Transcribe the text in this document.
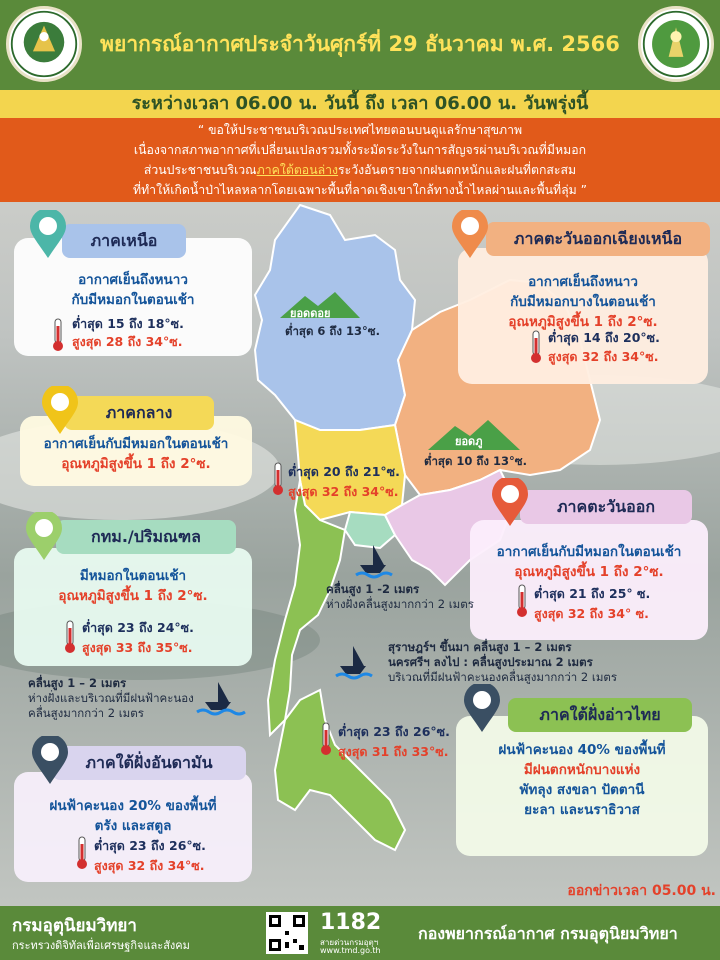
พยากรณ์อากาศประจำวันศุกร์ที่ 29 ธันวาคม พ.ศ. 2566
ระหว่างเวลา 06.00 น. วันนี้ ถึง เวลา 06.00 น. วันพรุ่งนี้
“ ขอให้ประชาชนบริเวณประเทศไทยตอนบนดูแลรักษาสุขภาพ
เนื่องจากสภาพอากาศที่เปลี่ยนแปลงรวมทั้งระมัดระวังในการสัญจรผ่านบริเวณที่มีหมอก
ส่วนประชาชนบริเวณภาคใต้ตอนล่างระวังอันตรายจากฝนตกหนักและฝนที่ตกสะสม
ที่ทำให้เกิดน้ำป่าไหลหลากโดยเฉพาะพื้นที่ลาดเชิงเขาใกล้ทางน้ำไหลผ่านและพื้นที่ลุ่ม ”
ยอดดอย
ต่ำสุด 6 ถึง 13°ซ.
ยอดภู
ต่ำสุด 10 ถึง 13°ซ.
อากาศเย็นถึงหนาว
กับมีหมอกในตอนเช้า
ภาคเหนือ
ต่ำสุด 15 ถึง 18°ซ.
สูงสุด 28 ถึง 34°ซ.
อากาศเย็นถึงหนาว
กับมีหมอกบางในตอนเช้า
อุณหภูมิสูงขึ้น 1 ถึง 2°ซ.
ภาคตะวันออกเฉียงเหนือ
ต่ำสุด 14 ถึง 20°ซ.
สูงสุด 32 ถึง 34°ซ.
อากาศเย็นกับมีหมอกในตอนเช้า
อุณหภูมิสูงขึ้น 1 ถึง 2°ซ.
ภาคกลาง
ต่ำสุด 20 ถึง 21°ซ.
สูงสุด 32 ถึง 34°ซ.
อากาศเย็นกับมีหมอกในตอนเช้า
อุณหภูมิสูงขึ้น 1 ถึง 2°ซ.
ภาคตะวันออก
ต่ำสุด 21 ถึง 25° ซ.
สูงสุด 32 ถึง 34° ซ.
มีหมอกในตอนเช้า
อุณหภูมิสูงขึ้น 1 ถึง 2°ซ.
กทม./ปริมณฑล
ต่ำสุด 23 ถึง 24°ซ.
สูงสุด 33 ถึง 35°ซ.
คลื่นสูง 1 -2 เมตร
ห่างฝั่งคลื่นสูงมากกว่า 2 เมตร
สุราษฎร์ฯ ขึ้นมา คลื่นสูง 1 – 2 เมตร
นครศรีฯ ลงไป : คลื่นสูงประมาณ 2 เมตร
บริเวณที่มีฝนฟ้าคะนองคลื่นสูงมากกว่า 2 เมตร
คลื่นสูง 1 – 2 เมตร
ห่างฝั่งและบริเวณที่มีฝนฟ้าคะนอง
คลื่นสูงมากกว่า 2 เมตร
ฝนฟ้าคะนอง 40% ของพื้นที่
มีฝนตกหนักบางแห่ง
พัทลุง สงขลา ปัตตานี
ยะลา และนราธิวาส
ภาคใต้ฝั่งอ่าวไทย
ต่ำสุด 23 ถึง 26°ซ.
สูงสุด 31 ถึง 33°ซ.
ฝนฟ้าคะนอง 20% ของพื้นที่
ตรัง และสตูล
ภาคใต้ฝั่งอันดามัน
ต่ำสุด 23 ถึง 26°ซ.
สูงสุด 32 ถึง 34°ซ.
ออกข่าวเวลา 05.00 น.
กรมอุตุนิยมวิทยา
กระทรวงดิจิทัลเพื่อเศรษฐกิจและสังคม
1182
สายด่วนกรมอุตุฯ
www.tmd.go.th
กองพยากรณ์อากาศ กรมอุตุนิยมวิทยา
